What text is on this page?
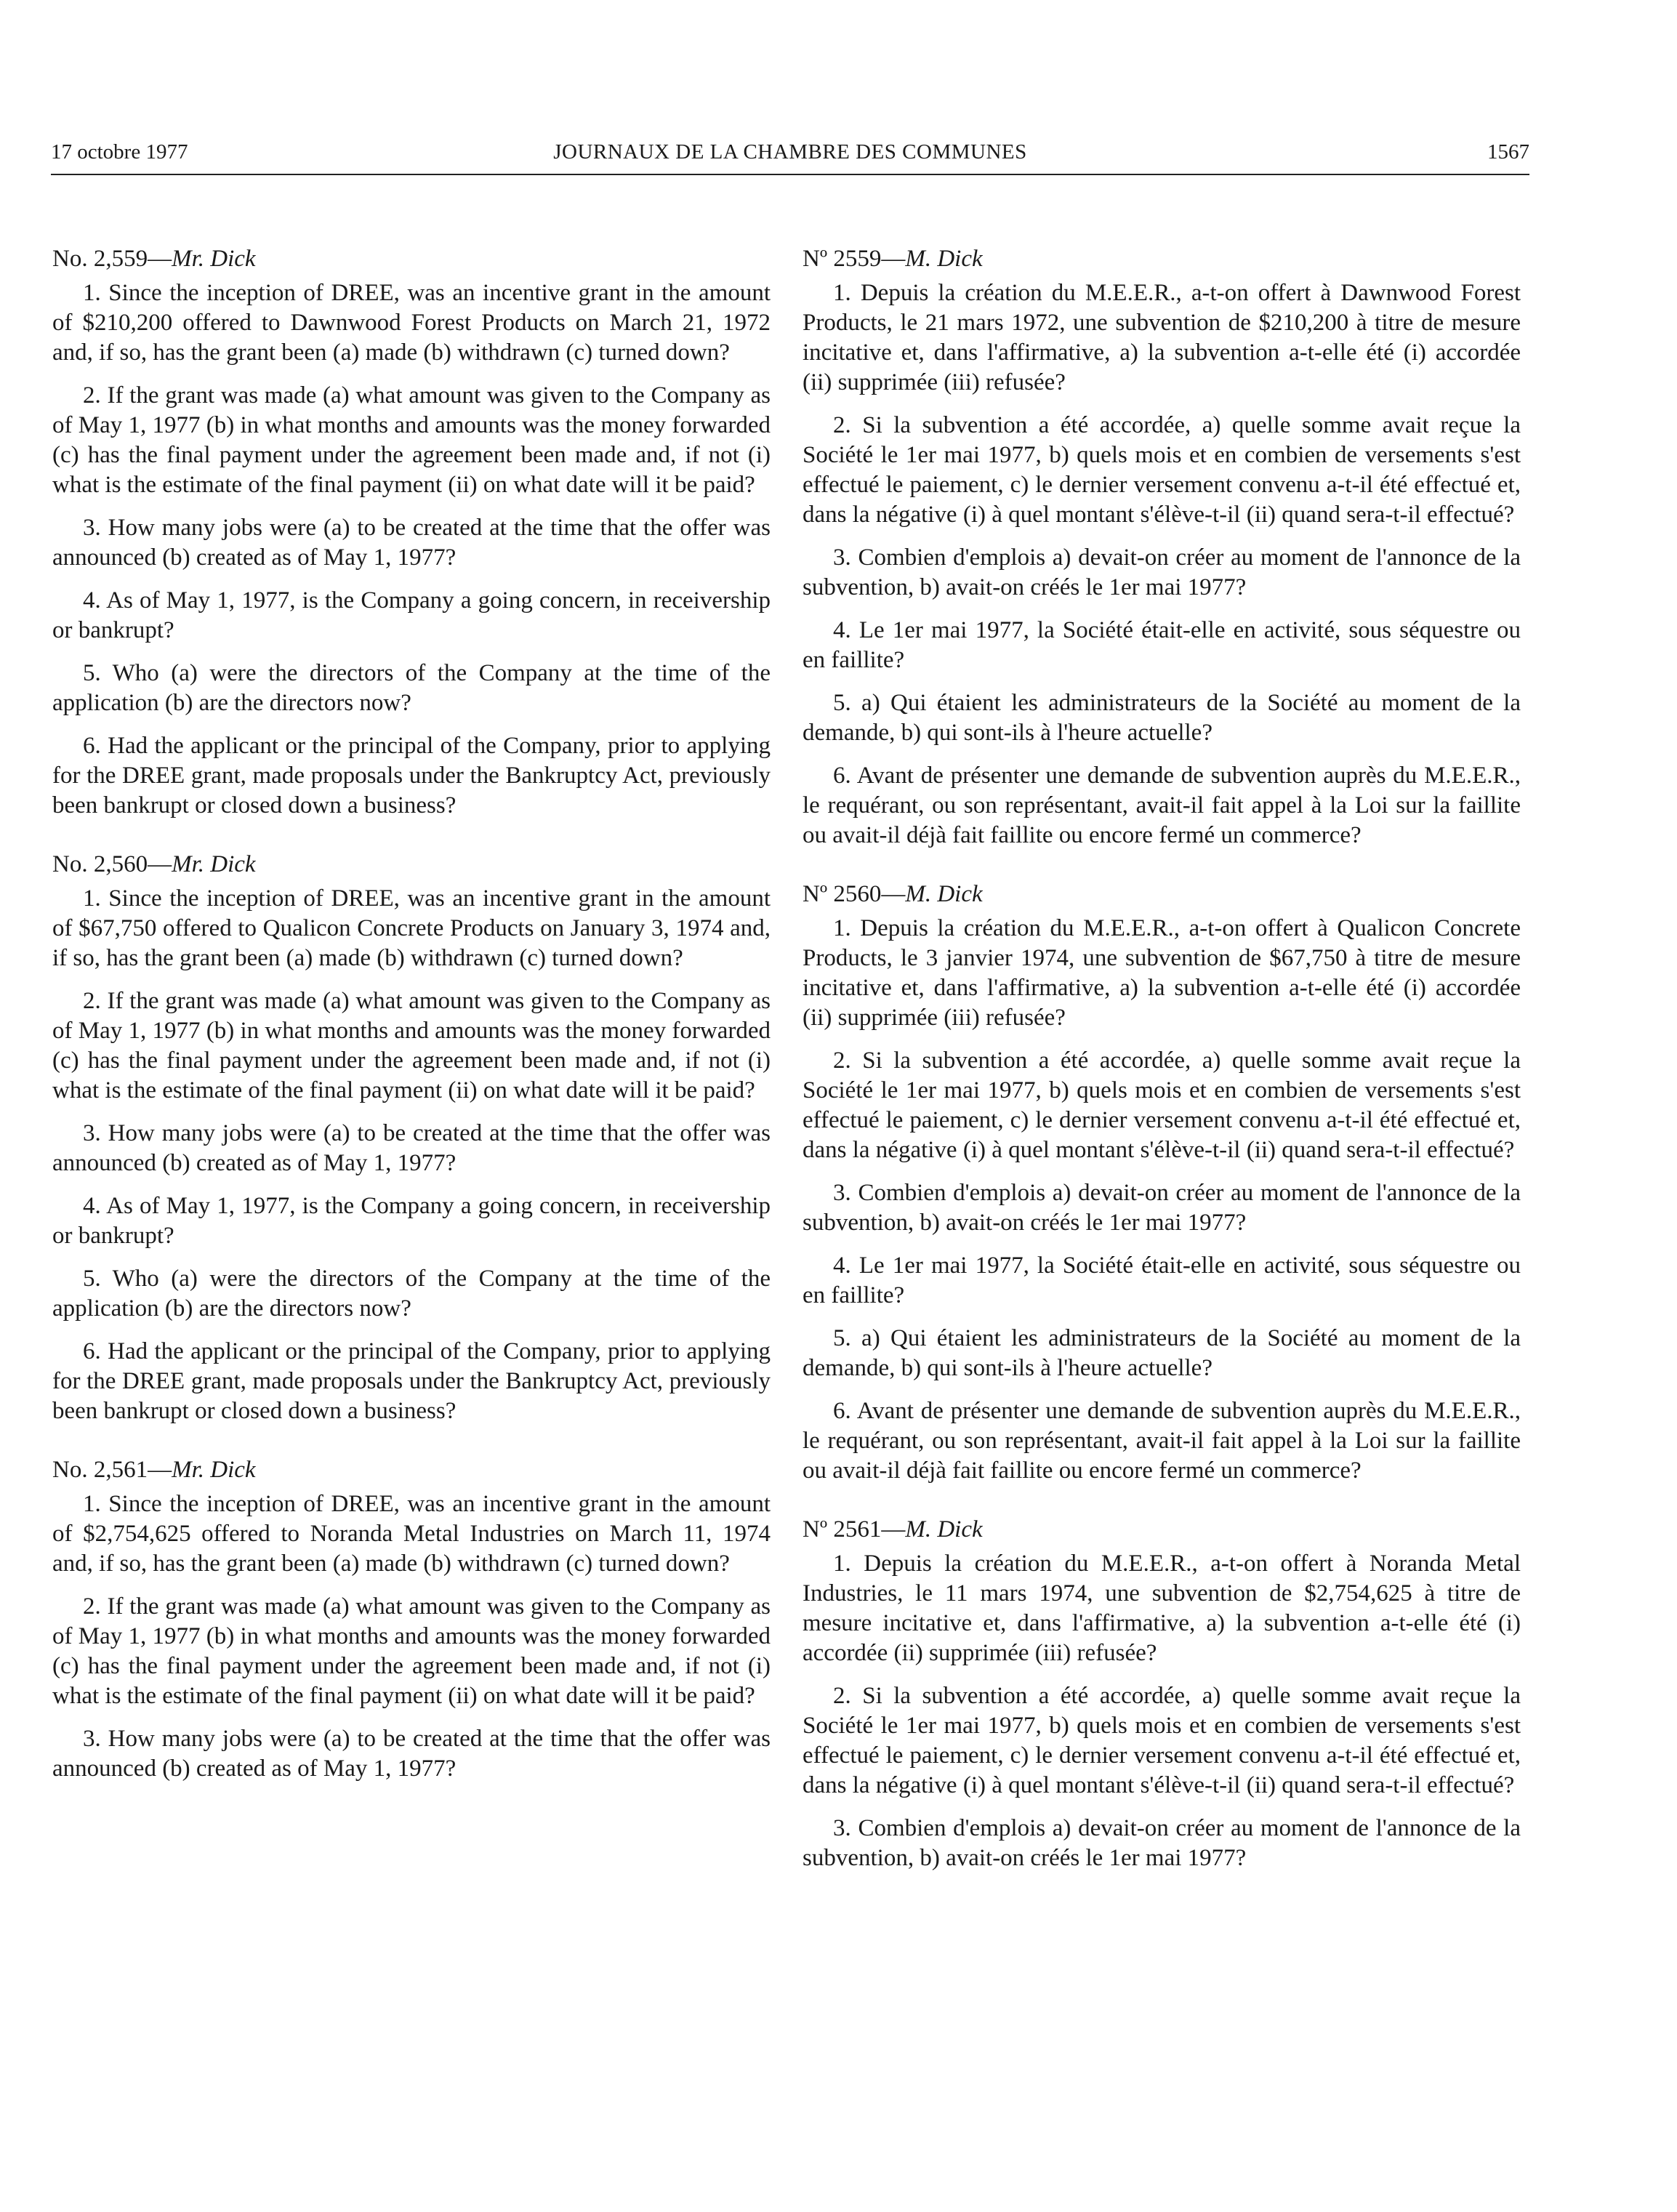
17 octobre 1977	JOURNAUX DE LA CHAMBRE DES COMMUNES	1567

No. 2,559—Mr. Dick

1. Since the inception of DREE, was an incentive grant in the amount of $210,200 offered to Dawnwood Forest Products on March 21, 1972 and, if so, has the grant been (a) made (b) withdrawn (c) turned down?

2. If the grant was made (a) what amount was given to the Company as of May 1, 1977 (b) in what months and amounts was the money forwarded (c) has the final payment under the agreement been made and, if not (i) what is the estimate of the final payment (ii) on what date will it be paid?

3. How many jobs were (a) to be created at the time that the offer was announced (b) created as of May 1, 1977?

4. As of May 1, 1977, is the Company a going concern, in receivership or bankrupt?

5. Who (a) were the directors of the Company at the time of the application (b) are the directors now?

6. Had the applicant or the principal of the Company, prior to applying for the DREE grant, made proposals under the Bankruptcy Act, previously been bankrupt or closed down a business?

No. 2,560—Mr. Dick

1. Since the inception of DREE, was an incentive grant in the amount of $67,750 offered to Qualicon Concrete Products on January 3, 1974 and, if so, has the grant been (a) made (b) withdrawn (c) turned down?

2. If the grant was made (a) what amount was given to the Company as of May 1, 1977 (b) in what months and amounts was the money forwarded (c) has the final payment under the agreement been made and, if not (i) what is the estimate of the final payment (ii) on what date will it be paid?

3. How many jobs were (a) to be created at the time that the offer was announced (b) created as of May 1, 1977?

4. As of May 1, 1977, is the Company a going concern, in receivership or bankrupt?

5. Who (a) were the directors of the Company at the time of the application (b) are the directors now?

6. Had the applicant or the principal of the Company, prior to applying for the DREE grant, made proposals under the Bankruptcy Act, previously been bankrupt or closed down a business?

No. 2,561—Mr. Dick

1. Since the inception of DREE, was an incentive grant in the amount of $2,754,625 offered to Noranda Metal Industries on March 11, 1974 and, if so, has the grant been (a) made (b) withdrawn (c) turned down?

2. If the grant was made (a) what amount was given to the Company as of May 1, 1977 (b) in what months and amounts was the money forwarded (c) has the final payment under the agreement been made and, if not (i) what is the estimate of the final payment (ii) on what date will it be paid?

3. How many jobs were (a) to be created at the time that the offer was announced (b) created as of May 1, 1977?

Nº 2559—M. Dick

1. Depuis la création du M.E.E.R., a-t-on offert à Dawnwood Forest Products, le 21 mars 1972, une subvention de $210,200 à titre de mesure incitative et, dans l'affirmative, a) la subvention a-t-elle été (i) accordée (ii) supprimée (iii) refusée?

2. Si la subvention a été accordée, a) quelle somme avait reçue la Société le 1er mai 1977, b) quels mois et en combien de versements s'est effectué le paiement, c) le dernier versement convenu a-t-il été effectué et, dans la négative (i) à quel montant s'élève-t-il (ii) quand sera-t-il effectué?

3. Combien d'emplois a) devait-on créer au moment de l'annonce de la subvention, b) avait-on créés le 1er mai 1977?

4. Le 1er mai 1977, la Société était-elle en activité, sous séquestre ou en faillite?

5. a) Qui étaient les administrateurs de la Société au moment de la demande, b) qui sont-ils à l'heure actuelle?

6. Avant de présenter une demande de subvention auprès du M.E.E.R., le requérant, ou son représentant, avait-il fait appel à la Loi sur la faillite ou avait-il déjà fait faillite ou encore fermé un commerce?

Nº 2560—M. Dick

1. Depuis la création du M.E.E.R., a-t-on offert à Qualicon Concrete Products, le 3 janvier 1974, une subvention de $67,750 à titre de mesure incitative et, dans l'affirmative, a) la subvention a-t-elle été (i) accordée (ii) supprimée (iii) refusée?

2. Si la subvention a été accordée, a) quelle somme avait reçue la Société le 1er mai 1977, b) quels mois et en combien de versements s'est effectué le paiement, c) le dernier versement convenu a-t-il été effectué et, dans la négative (i) à quel montant s'élève-t-il (ii) quand sera-t-il effectué?

3. Combien d'emplois a) devait-on créer au moment de l'annonce de la subvention, b) avait-on créés le 1er mai 1977?

4. Le 1er mai 1977, la Société était-elle en activité, sous séquestre ou en faillite?

5. a) Qui étaient les administrateurs de la Société au moment de la demande, b) qui sont-ils à l'heure actuelle?

6. Avant de présenter une demande de subvention auprès du M.E.E.R., le requérant, ou son représentant, avait-il fait appel à la Loi sur la faillite ou avait-il déjà fait faillite ou encore fermé un commerce?

Nº 2561—M. Dick

1. Depuis la création du M.E.E.R., a-t-on offert à Noranda Metal Industries, le 11 mars 1974, une subvention de $2,754,625 à titre de mesure incitative et, dans l'affirmative, a) la subvention a-t-elle été (i) accordée (ii) supprimée (iii) refusée?

2. Si la subvention a été accordée, a) quelle somme avait reçue la Société le 1er mai 1977, b) quels mois et en combien de versements s'est effectué le paiement, c) le dernier versement convenu a-t-il été effectué et, dans la négative (i) à quel montant s'élève-t-il (ii) quand sera-t-il effectué?

3. Combien d'emplois a) devait-on créer au moment de l'annonce de la subvention, b) avait-on créés le 1er mai 1977?
